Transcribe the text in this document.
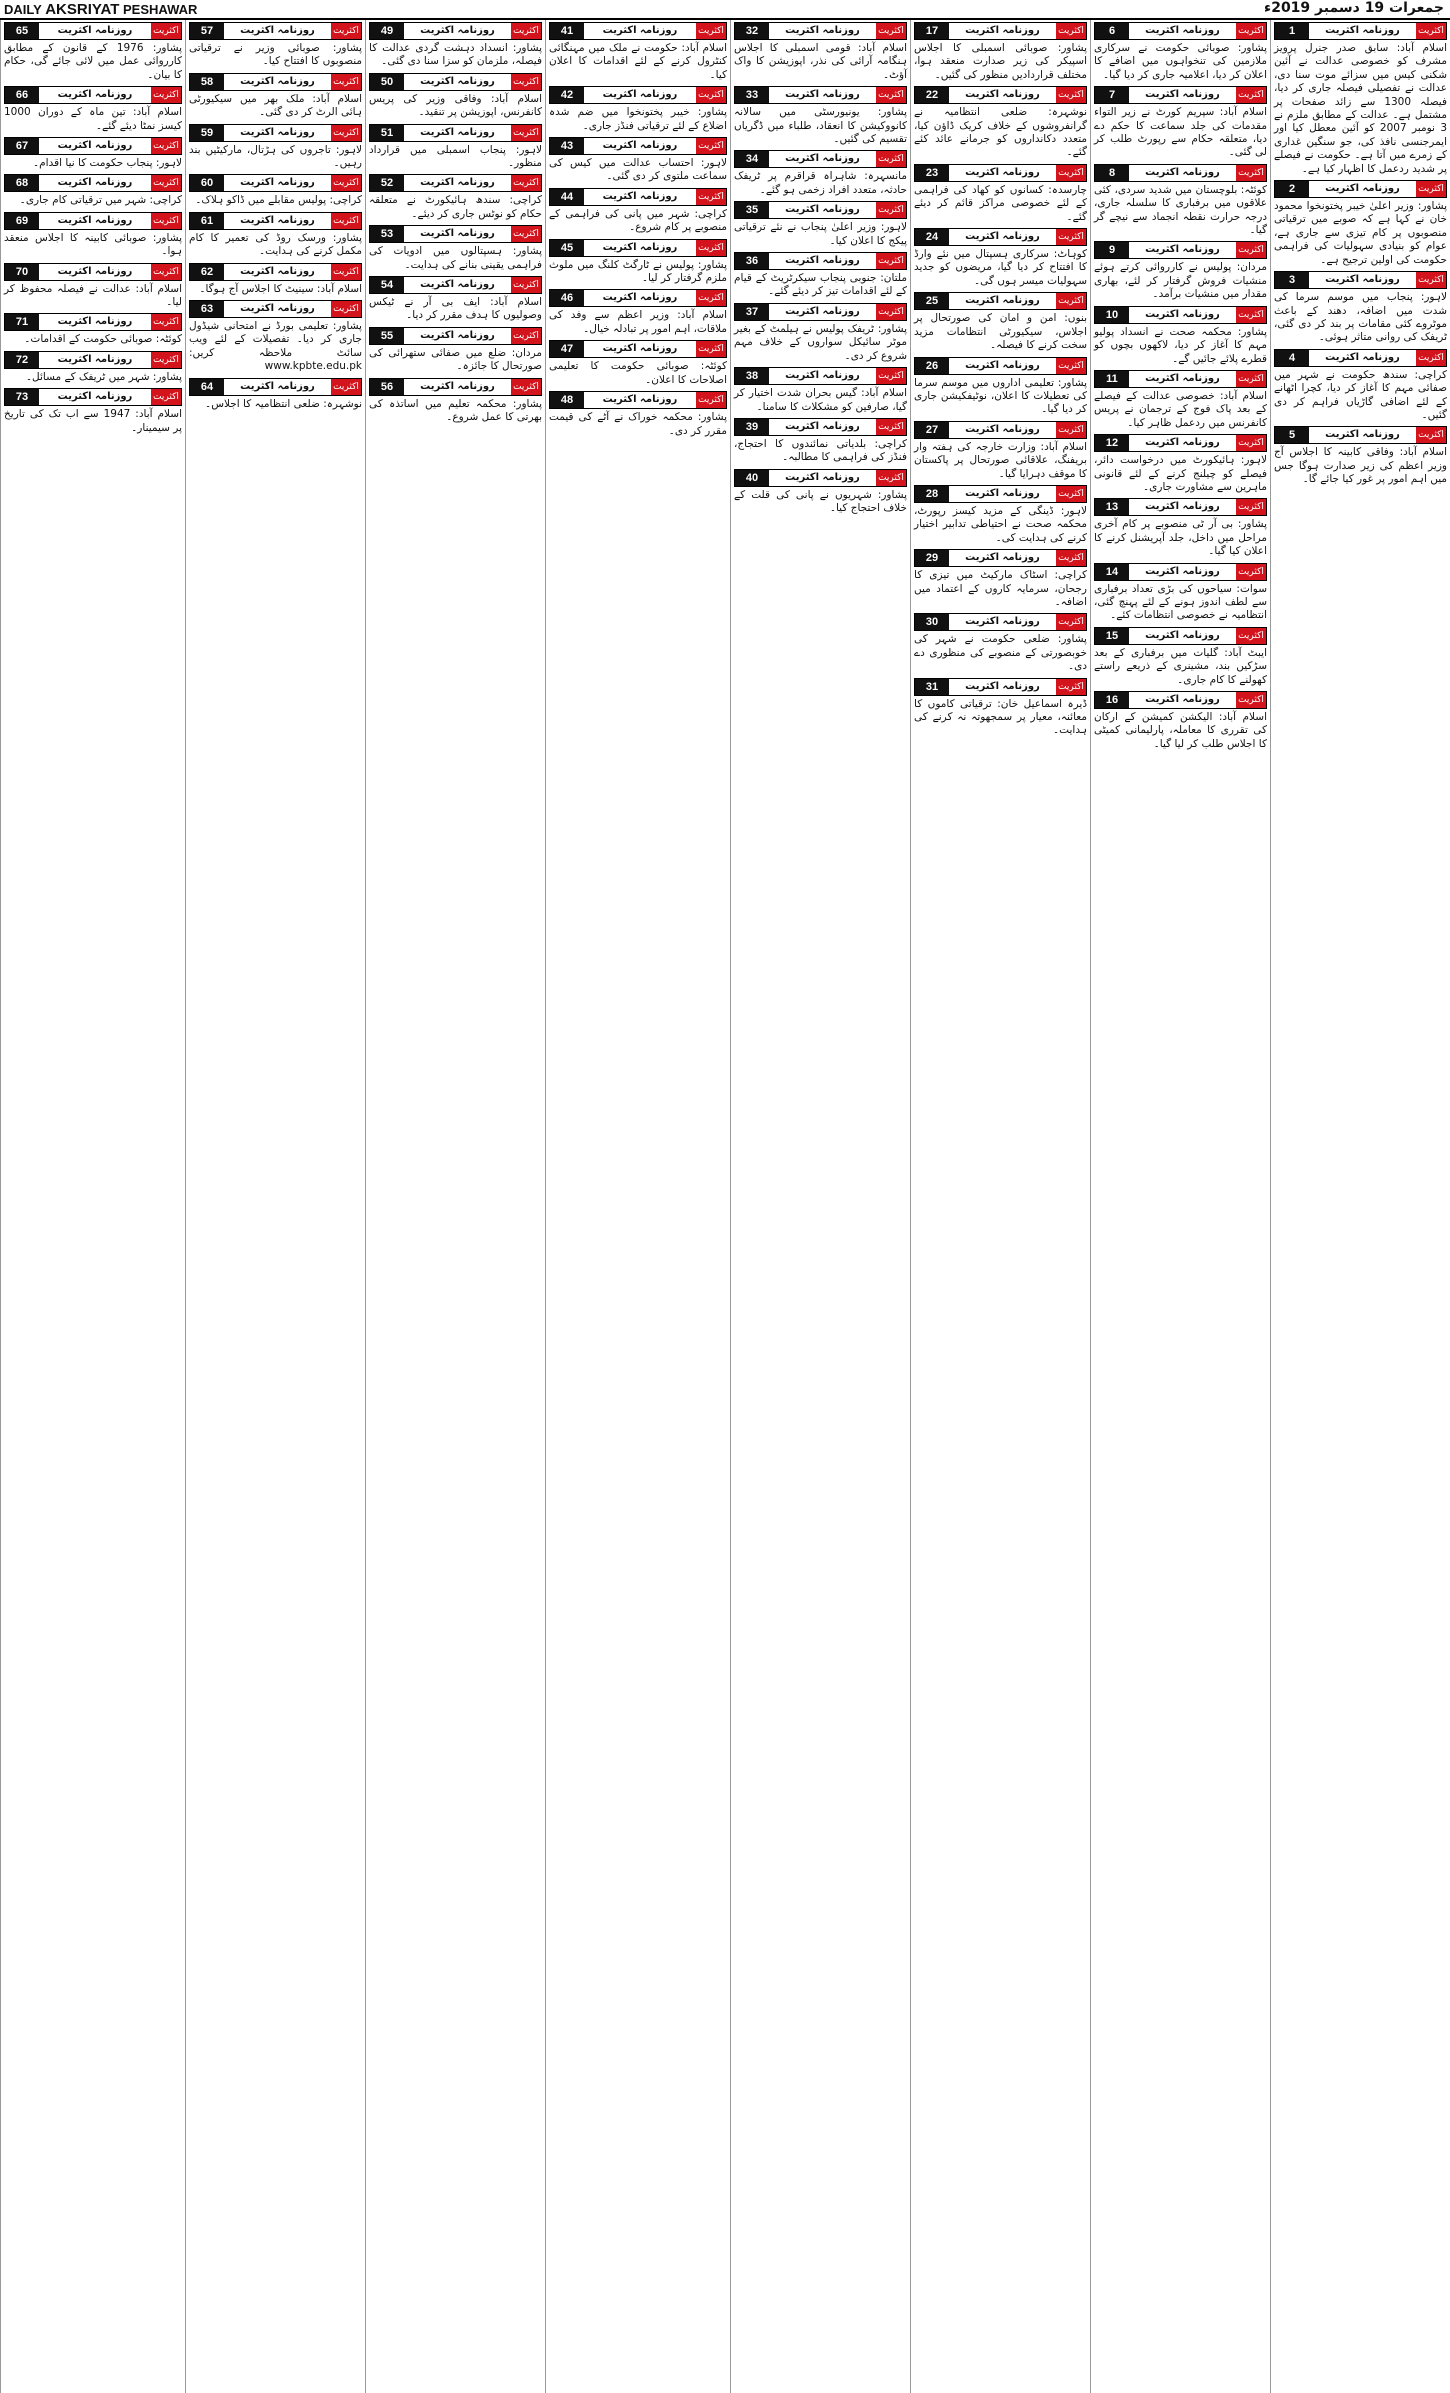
DAILY AKSRIYAT PESHAWAR	جمعرات 19 دسمبر 2019ء
1	روزنامہ اکثریت	اکثریت

اسلام آباد: سابق صدر جنرل پرویز مشرف کو خصوصی عدالت نے آئین شکنی کیس میں سزائے موت سنا دی، عدالت نے تفصیلی فیصلہ جاری کر دیا، فیصلہ 1300 سے زائد صفحات پر مشتمل ہے۔ عدالت کے مطابق ملزم نے 3 نومبر 2007 کو آئین معطل کیا اور ایمرجنسی نافذ کی، جو سنگین غداری کے زمرے میں آتا ہے۔ حکومت نے فیصلے پر شدید ردعمل کا اظہار کیا ہے۔

2	روزنامہ اکثریت	اکثریت

پشاور: وزیر اعلیٰ خیبر پختونخوا محمود خان نے کہا ہے کہ صوبے میں ترقیاتی منصوبوں پر کام تیزی سے جاری ہے، عوام کو بنیادی سہولیات کی فراہمی حکومت کی اولین ترجیح ہے۔

3	روزنامہ اکثریت	اکثریت

لاہور: پنجاب میں موسم سرما کی شدت میں اضافہ، دھند کے باعث موٹروے کئی مقامات پر بند کر دی گئی، ٹریفک کی روانی متاثر ہوئی۔

4	روزنامہ اکثریت	اکثریت

کراچی: سندھ حکومت نے شہر میں صفائی مہم کا آغاز کر دیا، کچرا اٹھانے کے لئے اضافی گاڑیاں فراہم کر دی گئیں۔

5	روزنامہ اکثریت	اکثریت

اسلام آباد: وفاقی کابینہ کا اجلاس آج وزیر اعظم کی زیر صدارت ہوگا جس میں اہم امور پر غور کیا جائے گا۔

6	روزنامہ اکثریت	اکثریت

پشاور: صوبائی حکومت نے سرکاری ملازمین کی تنخواہوں میں اضافے کا اعلان کر دیا، اعلامیہ جاری کر دیا گیا۔

7	روزنامہ اکثریت	اکثریت

اسلام آباد: سپریم کورٹ نے زیر التواء مقدمات کی جلد سماعت کا حکم دے دیا، متعلقہ حکام سے رپورٹ طلب کر لی گئی۔

8	روزنامہ اکثریت	اکثریت

کوئٹہ: بلوچستان میں شدید سردی، کئی علاقوں میں برفباری کا سلسلہ جاری، درجہ حرارت نقطہ انجماد سے نیچے گر گیا۔

9	روزنامہ اکثریت	اکثریت

مردان: پولیس نے کارروائی کرتے ہوئے منشیات فروش گرفتار کر لئے، بھاری مقدار میں منشیات برآمد۔

10	روزنامہ اکثریت	اکثریت

پشاور: محکمہ صحت نے انسداد پولیو مہم کا آغاز کر دیا، لاکھوں بچوں کو قطرے پلائے جائیں گے۔

11	روزنامہ اکثریت	اکثریت

اسلام آباد: خصوصی عدالت کے فیصلے کے بعد پاک فوج کے ترجمان نے پریس کانفرنس میں ردعمل ظاہر کیا۔

12	روزنامہ اکثریت	اکثریت

لاہور: ہائیکورٹ میں درخواست دائر، فیصلے کو چیلنج کرنے کے لئے قانونی ماہرین سے مشاورت جاری۔

13	روزنامہ اکثریت	اکثریت

پشاور: بی آر ٹی منصوبے پر کام آخری مراحل میں داخل، جلد آپریشنل کرنے کا اعلان کیا گیا۔

14	روزنامہ اکثریت	اکثریت

سوات: سیاحوں کی بڑی تعداد برفباری سے لطف اندوز ہونے کے لئے پہنچ گئی، انتظامیہ نے خصوصی انتظامات کئے۔

15	روزنامہ اکثریت	اکثریت

ایبٹ آباد: گلیات میں برفباری کے بعد سڑکیں بند، مشینری کے ذریعے راستے کھولنے کا کام جاری۔

16	روزنامہ اکثریت	اکثریت

اسلام آباد: الیکشن کمیشن کے ارکان کی تقرری کا معاملہ، پارلیمانی کمیٹی کا اجلاس طلب کر لیا گیا۔

17	روزنامہ اکثریت	اکثریت

پشاور: صوبائی اسمبلی کا اجلاس اسپیکر کی زیر صدارت منعقد ہوا، مختلف قراردادیں منظور کی گئیں۔

22	روزنامہ اکثریت	اکثریت

نوشہرہ: ضلعی انتظامیہ نے گرانفروشوں کے خلاف کریک ڈاؤن کیا، متعدد دکانداروں کو جرمانے عائد کئے گئے۔

23	روزنامہ اکثریت	اکثریت

چارسدہ: کسانوں کو کھاد کی فراہمی کے لئے خصوصی مراکز قائم کر دیئے گئے۔

24	روزنامہ اکثریت	اکثریت

کوہاٹ: سرکاری ہسپتال میں نئے وارڈ کا افتتاح کر دیا گیا، مریضوں کو جدید سہولیات میسر ہوں گی۔

25	روزنامہ اکثریت	اکثریت

بنوں: امن و امان کی صورتحال پر اجلاس، سیکیورٹی انتظامات مزید سخت کرنے کا فیصلہ۔

26	روزنامہ اکثریت	اکثریت

پشاور: تعلیمی اداروں میں موسم سرما کی تعطیلات کا اعلان، نوٹیفکیشن جاری کر دیا گیا۔

27	روزنامہ اکثریت	اکثریت

اسلام آباد: وزارت خارجہ کی ہفتہ وار بریفنگ، علاقائی صورتحال پر پاکستان کا موقف دہرایا گیا۔

28	روزنامہ اکثریت	اکثریت

لاہور: ڈینگی کے مزید کیسز رپورٹ، محکمہ صحت نے احتیاطی تدابیر اختیار کرنے کی ہدایت کی۔

29	روزنامہ اکثریت	اکثریت

کراچی: اسٹاک مارکیٹ میں تیزی کا رجحان، سرمایہ کاروں کے اعتماد میں اضافہ۔

30	روزنامہ اکثریت	اکثریت

پشاور: ضلعی حکومت نے شہر کی خوبصورتی کے منصوبے کی منظوری دے دی۔

31	روزنامہ اکثریت	اکثریت

ڈیرہ اسماعیل خان: ترقیاتی کاموں کا معائنہ، معیار پر سمجھوتہ نہ کرنے کی ہدایت۔

32	روزنامہ اکثریت	اکثریت

اسلام آباد: قومی اسمبلی کا اجلاس ہنگامہ آرائی کی نذر، اپوزیشن کا واک آؤٹ۔

33	روزنامہ اکثریت	اکثریت

پشاور: یونیورسٹی میں سالانہ کانووکیشن کا انعقاد، طلباء میں ڈگریاں تقسیم کی گئیں۔

34	روزنامہ اکثریت	اکثریت

مانسہرہ: شاہراہ قراقرم پر ٹریفک حادثہ، متعدد افراد زخمی ہو گئے۔

35	روزنامہ اکثریت	اکثریت

لاہور: وزیر اعلیٰ پنجاب نے نئے ترقیاتی پیکج کا اعلان کیا۔

36	روزنامہ اکثریت	اکثریت

ملتان: جنوبی پنجاب سیکرٹریٹ کے قیام کے لئے اقدامات تیز کر دیئے گئے۔

37	روزنامہ اکثریت	اکثریت

پشاور: ٹریفک پولیس نے ہیلمٹ کے بغیر موٹر سائیکل سواروں کے خلاف مہم شروع کر دی۔

38	روزنامہ اکثریت	اکثریت

اسلام آباد: گیس بحران شدت اختیار کر گیا، صارفین کو مشکلات کا سامنا۔

39	روزنامہ اکثریت	اکثریت

کراچی: بلدیاتی نمائندوں کا احتجاج، فنڈز کی فراہمی کا مطالبہ۔

40	روزنامہ اکثریت	اکثریت

پشاور: شہریوں نے پانی کی قلت کے خلاف احتجاج کیا۔

41	روزنامہ اکثریت	اکثریت

اسلام آباد: حکومت نے ملک میں مہنگائی کنٹرول کرنے کے لئے اقدامات کا اعلان کیا۔

42	روزنامہ اکثریت	اکثریت

پشاور: خیبر پختونخوا میں ضم شدہ اضلاع کے لئے ترقیاتی فنڈز جاری۔

43	روزنامہ اکثریت	اکثریت

لاہور: احتساب عدالت میں کیس کی سماعت ملتوی کر دی گئی۔

44	روزنامہ اکثریت	اکثریت

کراچی: شہر میں پانی کی فراہمی کے منصوبے پر کام شروع۔

45	روزنامہ اکثریت	اکثریت

پشاور: پولیس نے ٹارگٹ کلنگ میں ملوث ملزم گرفتار کر لیا۔

46	روزنامہ اکثریت	اکثریت

اسلام آباد: وزیر اعظم سے وفد کی ملاقات، اہم امور پر تبادلہ خیال۔

47	روزنامہ اکثریت	اکثریت

کوئٹہ: صوبائی حکومت کا تعلیمی اصلاحات کا اعلان۔

48	روزنامہ اکثریت	اکثریت

پشاور: محکمہ خوراک نے آٹے کی قیمت مقرر کر دی۔

49	روزنامہ اکثریت	اکثریت

پشاور: انسداد دہشت گردی عدالت کا فیصلہ، ملزمان کو سزا سنا دی گئی۔

50	روزنامہ اکثریت	اکثریت

اسلام آباد: وفاقی وزیر کی پریس کانفرنس، اپوزیشن پر تنقید۔

51	روزنامہ اکثریت	اکثریت

لاہور: پنجاب اسمبلی میں قرارداد منظور۔

52	روزنامہ اکثریت	اکثریت

کراچی: سندھ ہائیکورٹ نے متعلقہ حکام کو نوٹس جاری کر دیئے۔

53	روزنامہ اکثریت	اکثریت

پشاور: ہسپتالوں میں ادویات کی فراہمی یقینی بنانے کی ہدایت۔

54	روزنامہ اکثریت	اکثریت

اسلام آباد: ایف بی آر نے ٹیکس وصولیوں کا ہدف مقرر کر دیا۔

55	روزنامہ اکثریت	اکثریت

مردان: ضلع میں صفائی ستھرائی کی صورتحال کا جائزہ۔

56	روزنامہ اکثریت	اکثریت

پشاور: محکمہ تعلیم میں اساتذہ کی بھرتی کا عمل شروع۔

57	روزنامہ اکثریت	اکثریت

پشاور: صوبائی وزیر نے ترقیاتی منصوبوں کا افتتاح کیا۔

58	روزنامہ اکثریت	اکثریت

اسلام آباد: ملک بھر میں سیکیورٹی ہائی الرٹ کر دی گئی۔

59	روزنامہ اکثریت	اکثریت

لاہور: تاجروں کی ہڑتال، مارکیٹیں بند رہیں۔

60	روزنامہ اکثریت	اکثریت

کراچی: پولیس مقابلے میں ڈاکو ہلاک۔

61	روزنامہ اکثریت	اکثریت

پشاور: ورسک روڈ کی تعمیر کا کام مکمل کرنے کی ہدایت۔

62	روزنامہ اکثریت	اکثریت

اسلام آباد: سینیٹ کا اجلاس آج ہوگا۔

63	روزنامہ اکثریت	اکثریت

پشاور: تعلیمی بورڈ نے امتحانی شیڈول جاری کر دیا۔ تفصیلات کے لئے ویب سائٹ ملاحظہ کریں: www.kpbte.edu.pk

64	روزنامہ اکثریت	اکثریت

نوشہرہ: ضلعی انتظامیہ کا اجلاس۔

65	روزنامہ اکثریت	اکثریت

پشاور: 1976 کے قانون کے مطابق کارروائی عمل میں لائی جائے گی، حکام کا بیان۔

66	روزنامہ اکثریت	اکثریت

اسلام آباد: تین ماہ کے دوران 1000 کیسز نمٹا دیئے گئے۔

67	روزنامہ اکثریت	اکثریت

لاہور: پنجاب حکومت کا نیا اقدام۔

68	روزنامہ اکثریت	اکثریت

کراچی: شہر میں ترقیاتی کام جاری۔

69	روزنامہ اکثریت	اکثریت

پشاور: صوبائی کابینہ کا اجلاس منعقد ہوا۔

70	روزنامہ اکثریت	اکثریت

اسلام آباد: عدالت نے فیصلہ محفوظ کر لیا۔

71	روزنامہ اکثریت	اکثریت

کوئٹہ: صوبائی حکومت کے اقدامات۔

72	روزنامہ اکثریت	اکثریت

پشاور: شہر میں ٹریفک کے مسائل۔

73	روزنامہ اکثریت	اکثریت

اسلام آباد: 1947 سے اب تک کی تاریخ پر سیمینار۔
